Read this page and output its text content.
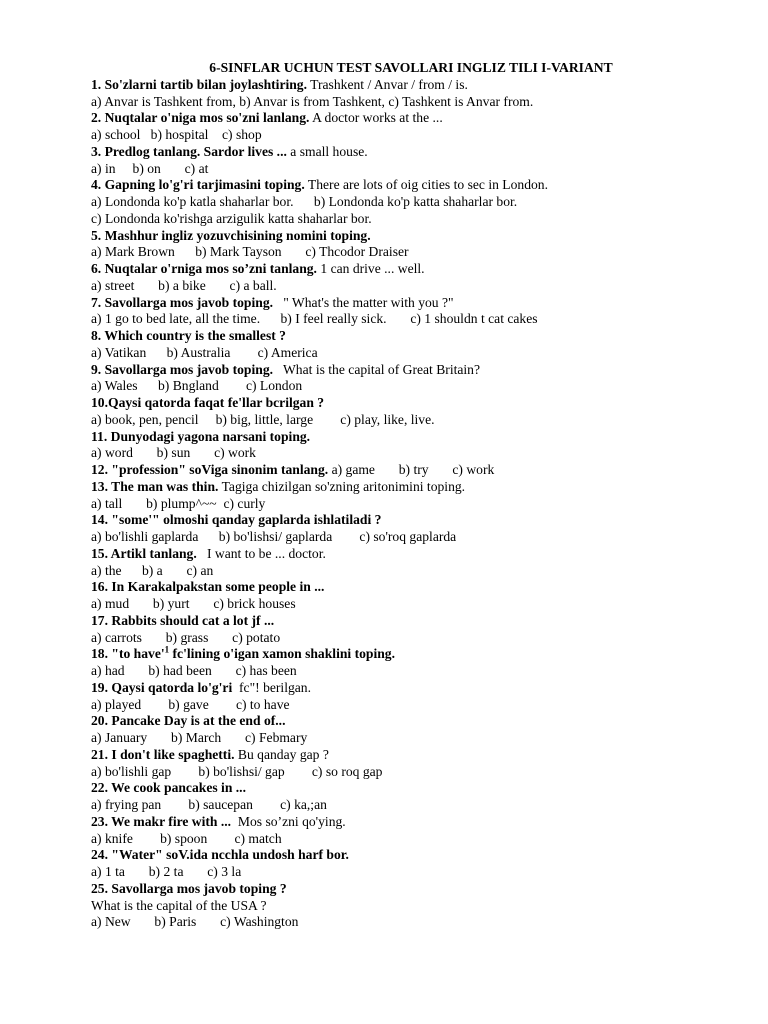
6-SINFLAR UCHUN TEST SAVOLLARI INGLIZ TILI I-VARIANT
1. So'zlarni tartib bilan joylashtiring. Trashkent / Anvar / from / is.
a) Anvar is Tashkent from, b) Anvar is from Tashkent, c) Tashkent is Anvar from.
2. Nuqtalar o'niga mos so'zni lanlang. A doctor works at the ...
a) school   b) hospital    c) shop
3. Predlog tanlang. Sardor lives ... a small house.
a) in     b) on       c) at
4. Gapning lo'g'ri tarjimasini toping. There are lots of oig cities to sec in London.
a) Londonda ko'p katla shaharlar bor.      b) Londonda ko'p katta shaharlar bor.
c) Londonda ko'rishga arzigulik katta shaharlar bor.
5. Mashhur ingliz yozuvchisining nomini toping.
a) Mark Brown      b) Mark Tayson       c) Thcodor Draiser
6. Nuqtalar o'rniga mos so’zni tanlang. 1 can drive ... well.
a) street       b) a bike       c) a ball.
7. Savollarga mos javob toping.   " What's the matter with you ?"
a) 1 go to bed late, all the time.      b) I feel really sick.       c) 1 shouldn t cat cakes
8. Which country is the smallest ?
a) Vatikan      b) Australia        c) America
9. Savollarga mos javob toping.   What is the capital of Great Britain?
a) Wales      b) Bngland        c) London
10.Qaysi qatorda faqat fe'llar bcrilgan ?
a) book, pen, pencil     b) big, little, large        c) play, like, live.
11. Dunyodagi yagona narsani toping.
a) word       b) sun       c) work
12. "profession" soViga sinonim tanlang. a) game       b) try       c) work
13. The man was thin. Tagiga chizilgan so'zning aritonimini toping.
a) tall       b) plump^~~  c) curly
14. "some'" olmoshi qanday gaplarda ishlatiladi ?
a) bo'lishli gaplarda      b) bo'lishsi/ gaplarda        c) so'roq gaplarda
15. Artikl tanlang.   I want to be ... doctor.
a) the      b) a       c) an
16. In Karakalpakstan some people in ...
a) mud       b) yurt       c) brick houses
17. Rabbits should cat a lot jf ...
a) carrots       b) grass       c) potato
18. "to $have'^1$ fc'lining o'igan xamon shaklini toping.
a) had       b) had been       c) has been
19. Qaysi qatorda lo'g'ri  fc"! berilgan.
a) played        b) gave        c) to have
20. Pancake Day is at the end of...
a) January       b) March       c) Febmary
21. I don't like spaghetti. Bu qanday gap ?
a) bo'lishli gap        b) bo'lishsi/ gap        c) so roq gap
22. We cook pancakes in ...
a) frying pan        b) saucepan        c) ka,;an
23. We makr fire with ...  Mos so’zni qo'ying.
a) knife        b) spoon        c) match
24. "Water" soV.ida ncchla undosh harf bor.
a) 1 ta       b) 2 ta       c) 3 la
25. Savollarga mos javob toping ?
What is the capital of the USA ?
a) New       b) Paris       c) Washington
